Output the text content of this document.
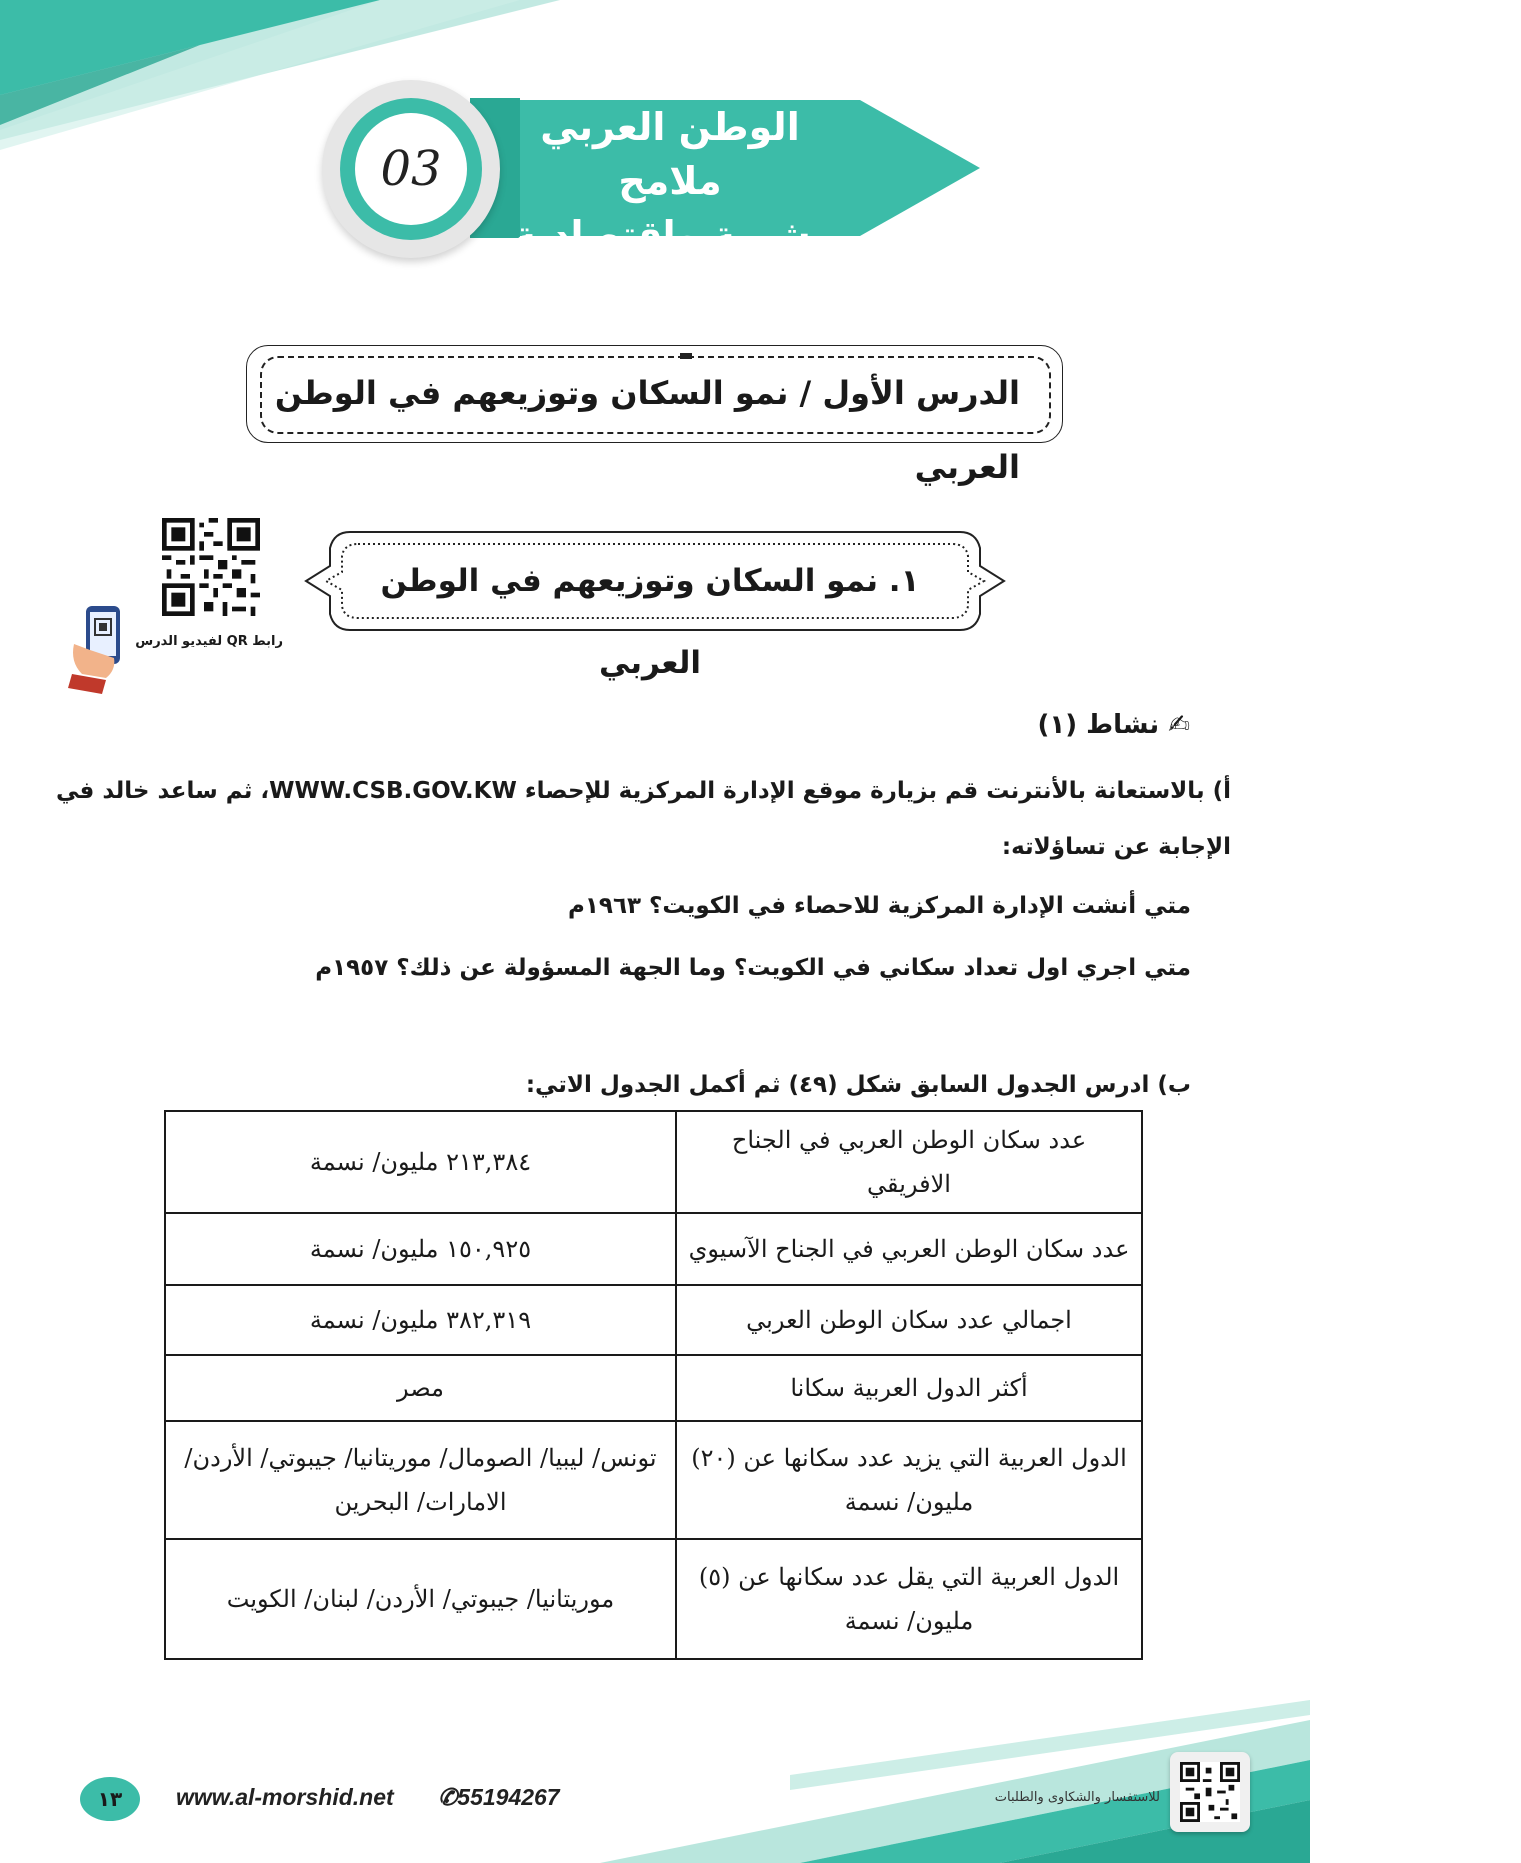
الوطن العربي ملامح
بشرية واقتصادية
03
الدرس الأول / نمو السكان وتوزيعهم في الوطن العربي
رابط QR لفيديو الدرس
١. نمو السكان وتوزيعهم في الوطن العربي
✍ نشاط (١)
أ) بالاستعانة بالأنترنت قم بزيارة موقع الإدارة المركزية للإحصاء WWW.CSB.GOV.KW، ثم ساعد خالد في
الإجابة عن تساؤلاته:
متي أنشت الإدارة المركزية للاحصاء في الكويت؟ ١٩٦٣م
متي اجري اول تعداد سكاني في الكويت؟ وما الجهة المسؤولة عن ذلك؟ ١٩٥٧م
ب) ادرس الجدول السابق شكل (٤٩) ثم أكمل الجدول الاتي:
عدد سكان الوطن العربي في الجناح الافريقي	٢١٣,٣٨٤ مليون/ نسمة
عدد سكان الوطن العربي في الجناح الآسيوي	١٥٠,٩٢٥ مليون/ نسمة
اجمالي عدد سكان الوطن العربي	٣٨٢,٣١٩ مليون/ نسمة
أكثر الدول العربية سكانا	مصر
الدول العربية التي يزيد عدد سكانها عن (٢٠) مليون/ نسمة	تونس/ ليبيا/ الصومال/ موريتانيا/ جيبوتي/ الأردن/ الامارات/ البحرين
الدول العربية التي يقل عدد سكانها عن (٥) مليون/ نسمة	موريتانيا/ جيبوتي/ الأردن/ لبنان/ الكويت
١٣	www.al-morshid.net ✆55194267	للاستفسار والشكاوى والطلبات
